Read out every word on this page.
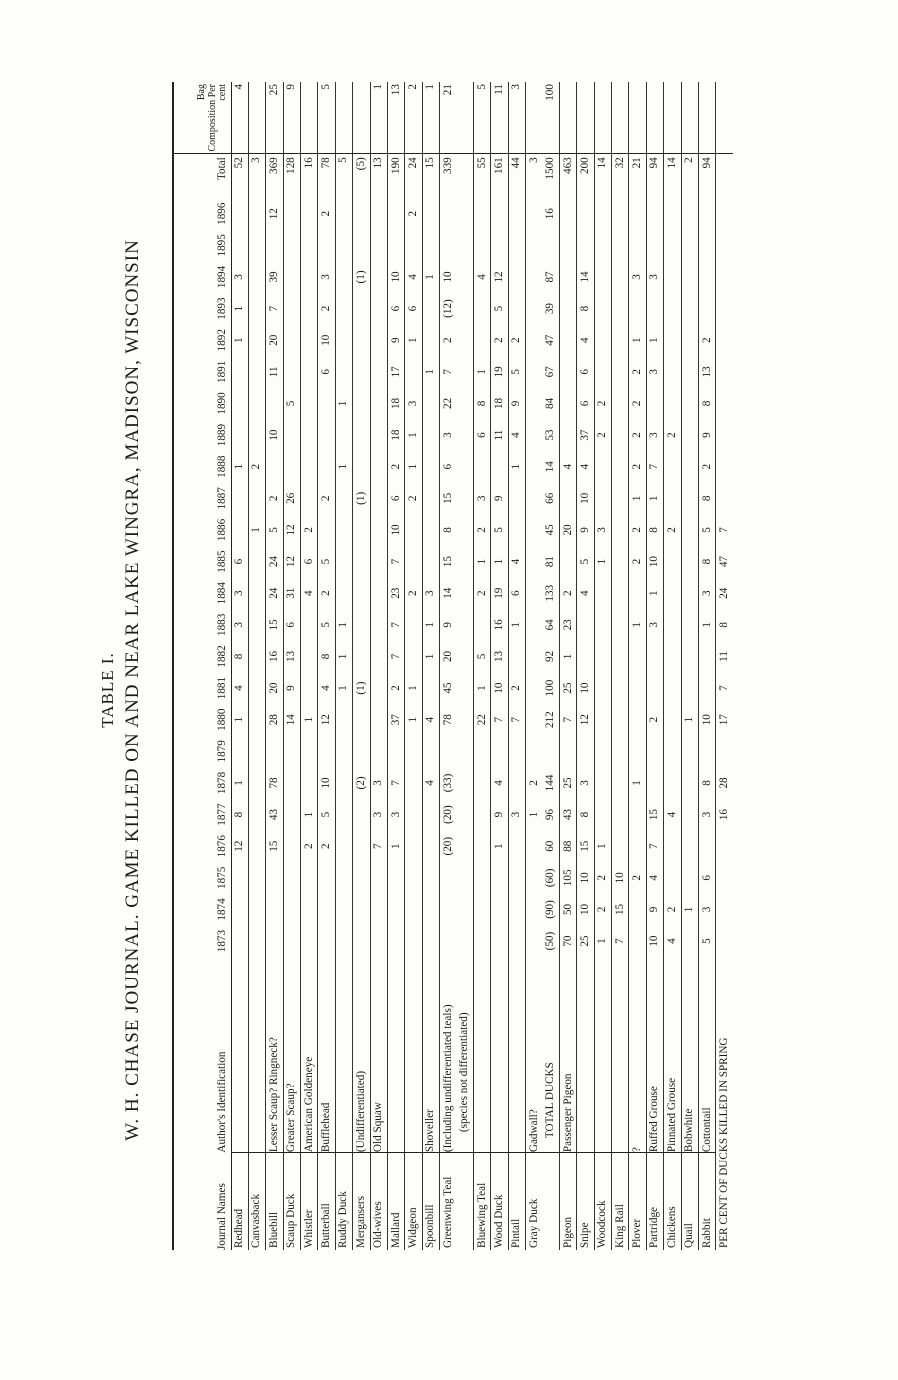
TABLE I. W. H. CHASE JOURNAL. GAME KILLED ON AND NEAR LAKE WINGRA, MADISON, WISCONSIN
Journal Names	Author's Identification	1873	1874	1875	1876	1877	1878	1879	1880	1881	1882	1883	1884	1885	1886	1887	1888	1889	1890	1891	1892	1893	1894	1895	1896	Total	Bag Composition Per cent
Redhead					12	8	1		1	4	8	3	3	6			1				1	1	3			52	4
Canvasback															1		2									3	
Bluebill	Lesser Scaup? Ringneck?				15	43	78		28	20	16	15	24	24	5	2		10		11	20	7	39		12	369	25
Scaup Duck	Greater Scaup?								14	9	13	6	31	12	12	26			5							128	9
Whistler	American Goldeneye				2	1			1				4	6	2											16	
Butterball	Bufflehead				2	5	10		12	4	8	5	2	5		2				6	10	2	3		2	78	5
Ruddy Duck										1	1	1					1		1							5	
Mergansers	(Undifferentiated)						(2)			(1)						(1)							(1)			(5)	
Old-wives	Old Squaw				7	3	3																			13	1
Mallard					1	3	7		37	2	7	7	23	7	10	6	2	18	18	17	9	6	10			190	13
Widgeon									1	1			2			2	1	1	3		1	6	4		2	24	2
Spoonbill	Shoveller						4		4		1	1	3							1			1			15	1
Greenwing Teal	(Including undifferentiated teals)				(20)	(20)	(33)		78	45	20	9	14	15	8	15	6	3	22	7	2	(12)	10			339	21
	(species not differentiated)																										
Bluewing Teal									22	1	5		2	1	2	3		6	8	1			4			55	5
Wood Duck					1	9	4		7	10	13	16	19	1	5	9		11	18	19	2	5	12			161	11
Pintail						3			7	2		1	6	4			1	4	9	5	2					44	3
Gray Duck	Gadwall?					1	2																			3	
	TOTAL DUCKS	(50)	(90)	(60)	60	96	144		212	100	92	64	133	81	45	66	14	53	84	67	47	39	87		16	1500	100
Pigeon	Passenger Pigeon	70	50	105	88	43	25		7	25	1	23	2		20		4									463	
Snipe		25	10	10	15	8	3		12	10			4	5	9	10	4	37	6	6	4	8	14			200	
Woodcock		1	2	2	1									1	3			2	2							14	
King Rail		7	15	10																						32	
Plover	?			2			1					1		2	2	1	2	2	2	2	1		3			21	
Partridge	Ruffed Grouse	10	9	4	7	15			2			3	1	10	8	1	7	3		3	1		3			94	
Chickens	Pinnated Grouse	4	2			4									2			2								14	
Quail	Bobwhite		1						1																	2	
Rabbit	Cottontail	5	3	6		3	8		10			1	3	8	5	8	2	9	8	13	2					94	
PER CENT OF DUCKS KILLED IN SPRING						16	28		17	7	11	8	24	47	7												
